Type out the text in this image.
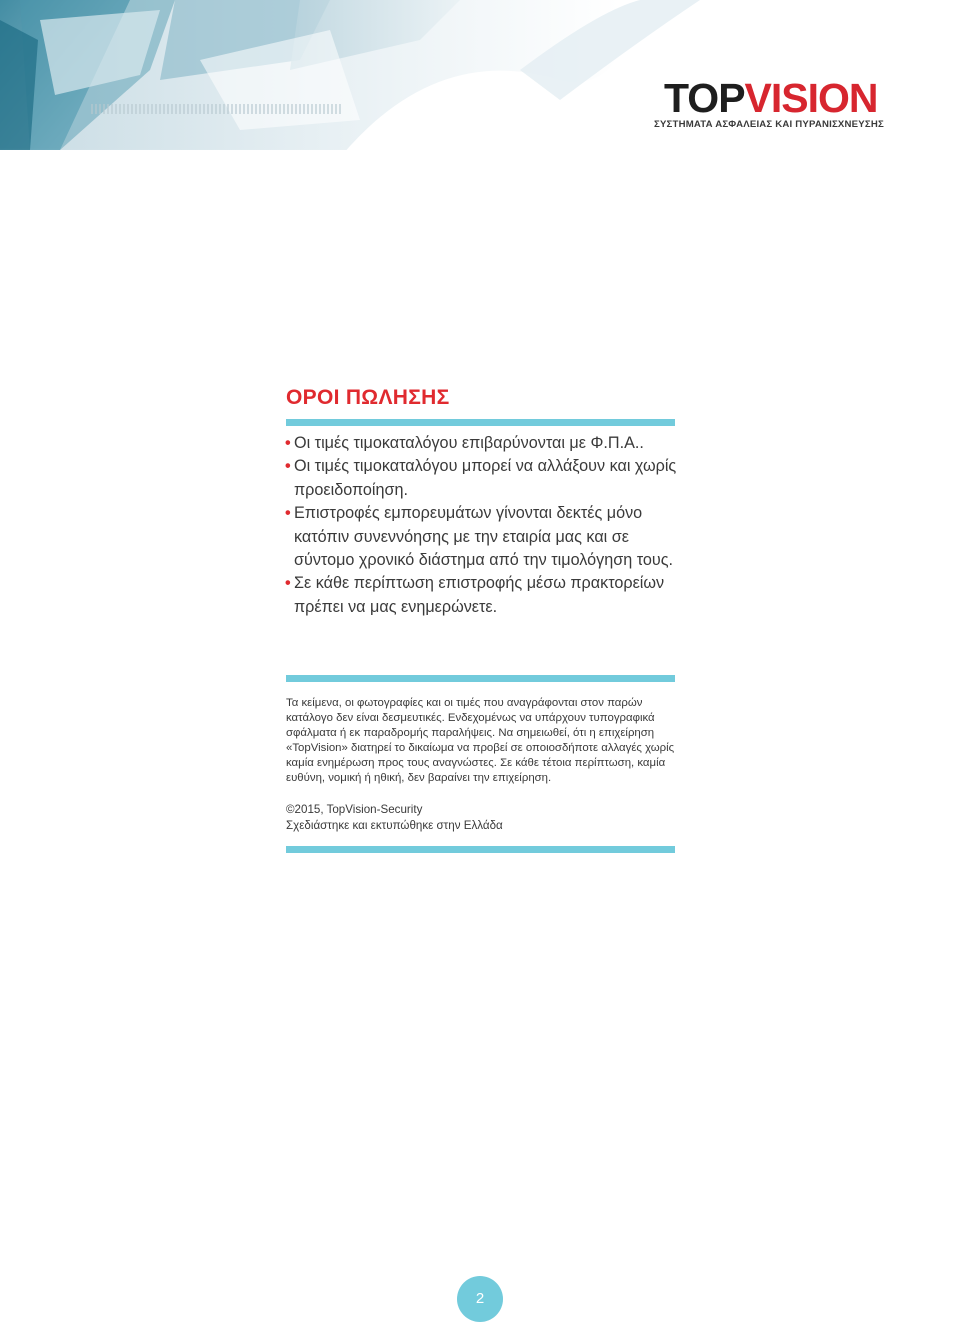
TOPVISION
ΣΥΣΤΗΜΑΤΑ ΑΣΦΑΛΕΙΑΣ ΚΑΙ ΠΥΡΑΝΙΣΧΝΕΥΣΗΣ
ΟΡΟΙ ΠΩΛΗΣΗΣ
• Οι τιμές τιμοκαταλόγου επιβαρύνονται με Φ.Π.Α..
• Οι τιμές τιμοκαταλόγου μπορεί να αλλάξουν και χωρίς προειδοποίηση.
• Επιστροφές εμπορευμάτων γίνονται δεκτές μόνο κατόπιν συνεννόησης με την εταιρία μας και σε σύντομο χρονικό διάστημα από την τιμολόγηση τους.
• Σε κάθε περίπτωση επιστροφής μέσω πρακτορείων πρέπει να μας ενημερώνετε.

Τα κείμενα, οι φωτογραφίες και οι τιμές που αναγράφονται στον παρών κατάλογο δεν είναι δεσμευτικές. Ενδεχομένως να υπάρχουν τυπογραφικά σφάλματα ή εκ παραδρομής παραλήψεις. Να σημειωθεί, ότι η επιχείρηση «TopVision» διατηρεί το δικαίωμα να προβεί σε οποιοσδήποτε αλλαγές χωρίς καμία ενημέρωση προς τους αναγνώστες. Σε κάθε τέτοια περίπτωση, καμία ευθύνη, νομική ή ηθική, δεν βαραίνει την επιχείρηση.

©2015, TopVision-Security
Σχεδιάστηκε και εκτυπώθηκε στην Ελλάδα

2
